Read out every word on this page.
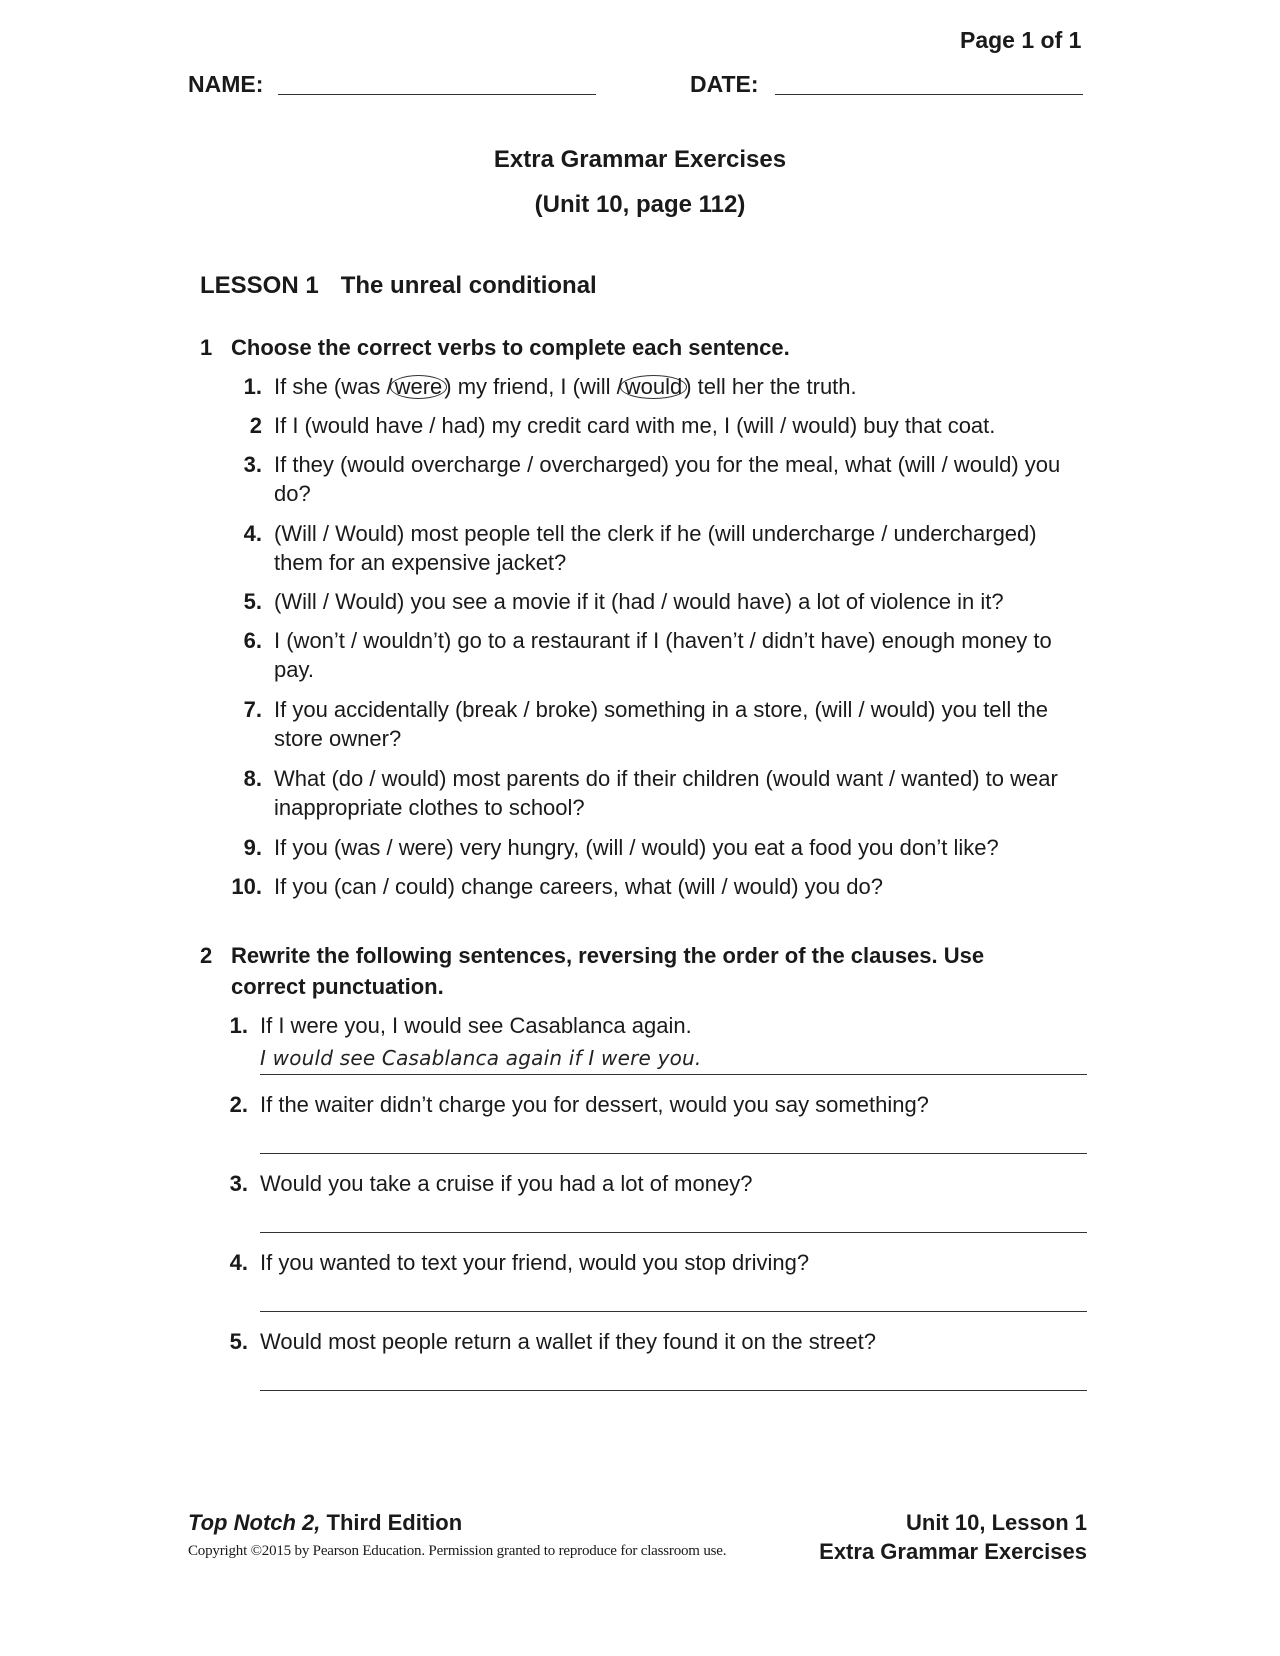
Page 1 of 1
NAME:	DATE:
Extra Grammar Exercises
(Unit 10, page 112)
LESSON 1 The unreal conditional
1 Choose the correct verbs to complete each sentence.
1. If she (was /were) my friend, I (will /would) tell her the truth.
2 If I (would have / had) my credit card with me, I (will / would) buy that coat.
3. If they (would overcharge / overcharged) you for the meal, what (will / would) you do?
4. (Will / Would) most people tell the clerk if he (will undercharge / undercharged) them for an expensive jacket?
5. (Will / Would) you see a movie if it (had / would have) a lot of violence in it?
6. I (won’t / wouldn’t) go to a restaurant if I (haven’t / didn’t have) enough money to pay.
7. If you accidentally (break / broke) something in a store, (will / would) you tell the store owner?
8. What (do / would) most parents do if their children (would want / wanted) to wear inappropriate clothes to school?
9. If you (was / were) very hungry, (will / would) you eat a food you don’t like?
10. If you (can / could) change careers, what (will / would) you do?
2 Rewrite the following sentences, reversing the order of the clauses. Use
correct punctuation.
1. If I were you, I would see Casablanca again.
I would see Casablanca again if I were you.
2. If the waiter didn’t charge you for dessert, would you say something?
3. Would you take a cruise if you had a lot of money?
4. If you wanted to text your friend, would you stop driving?
5. Would most people return a wallet if they found it on the street?
Top Notch 2, Third Edition
Copyright ©2015 by Pearson Education. Permission granted to reproduce for classroom use.
Unit 10, Lesson 1
Extra Grammar Exercises
